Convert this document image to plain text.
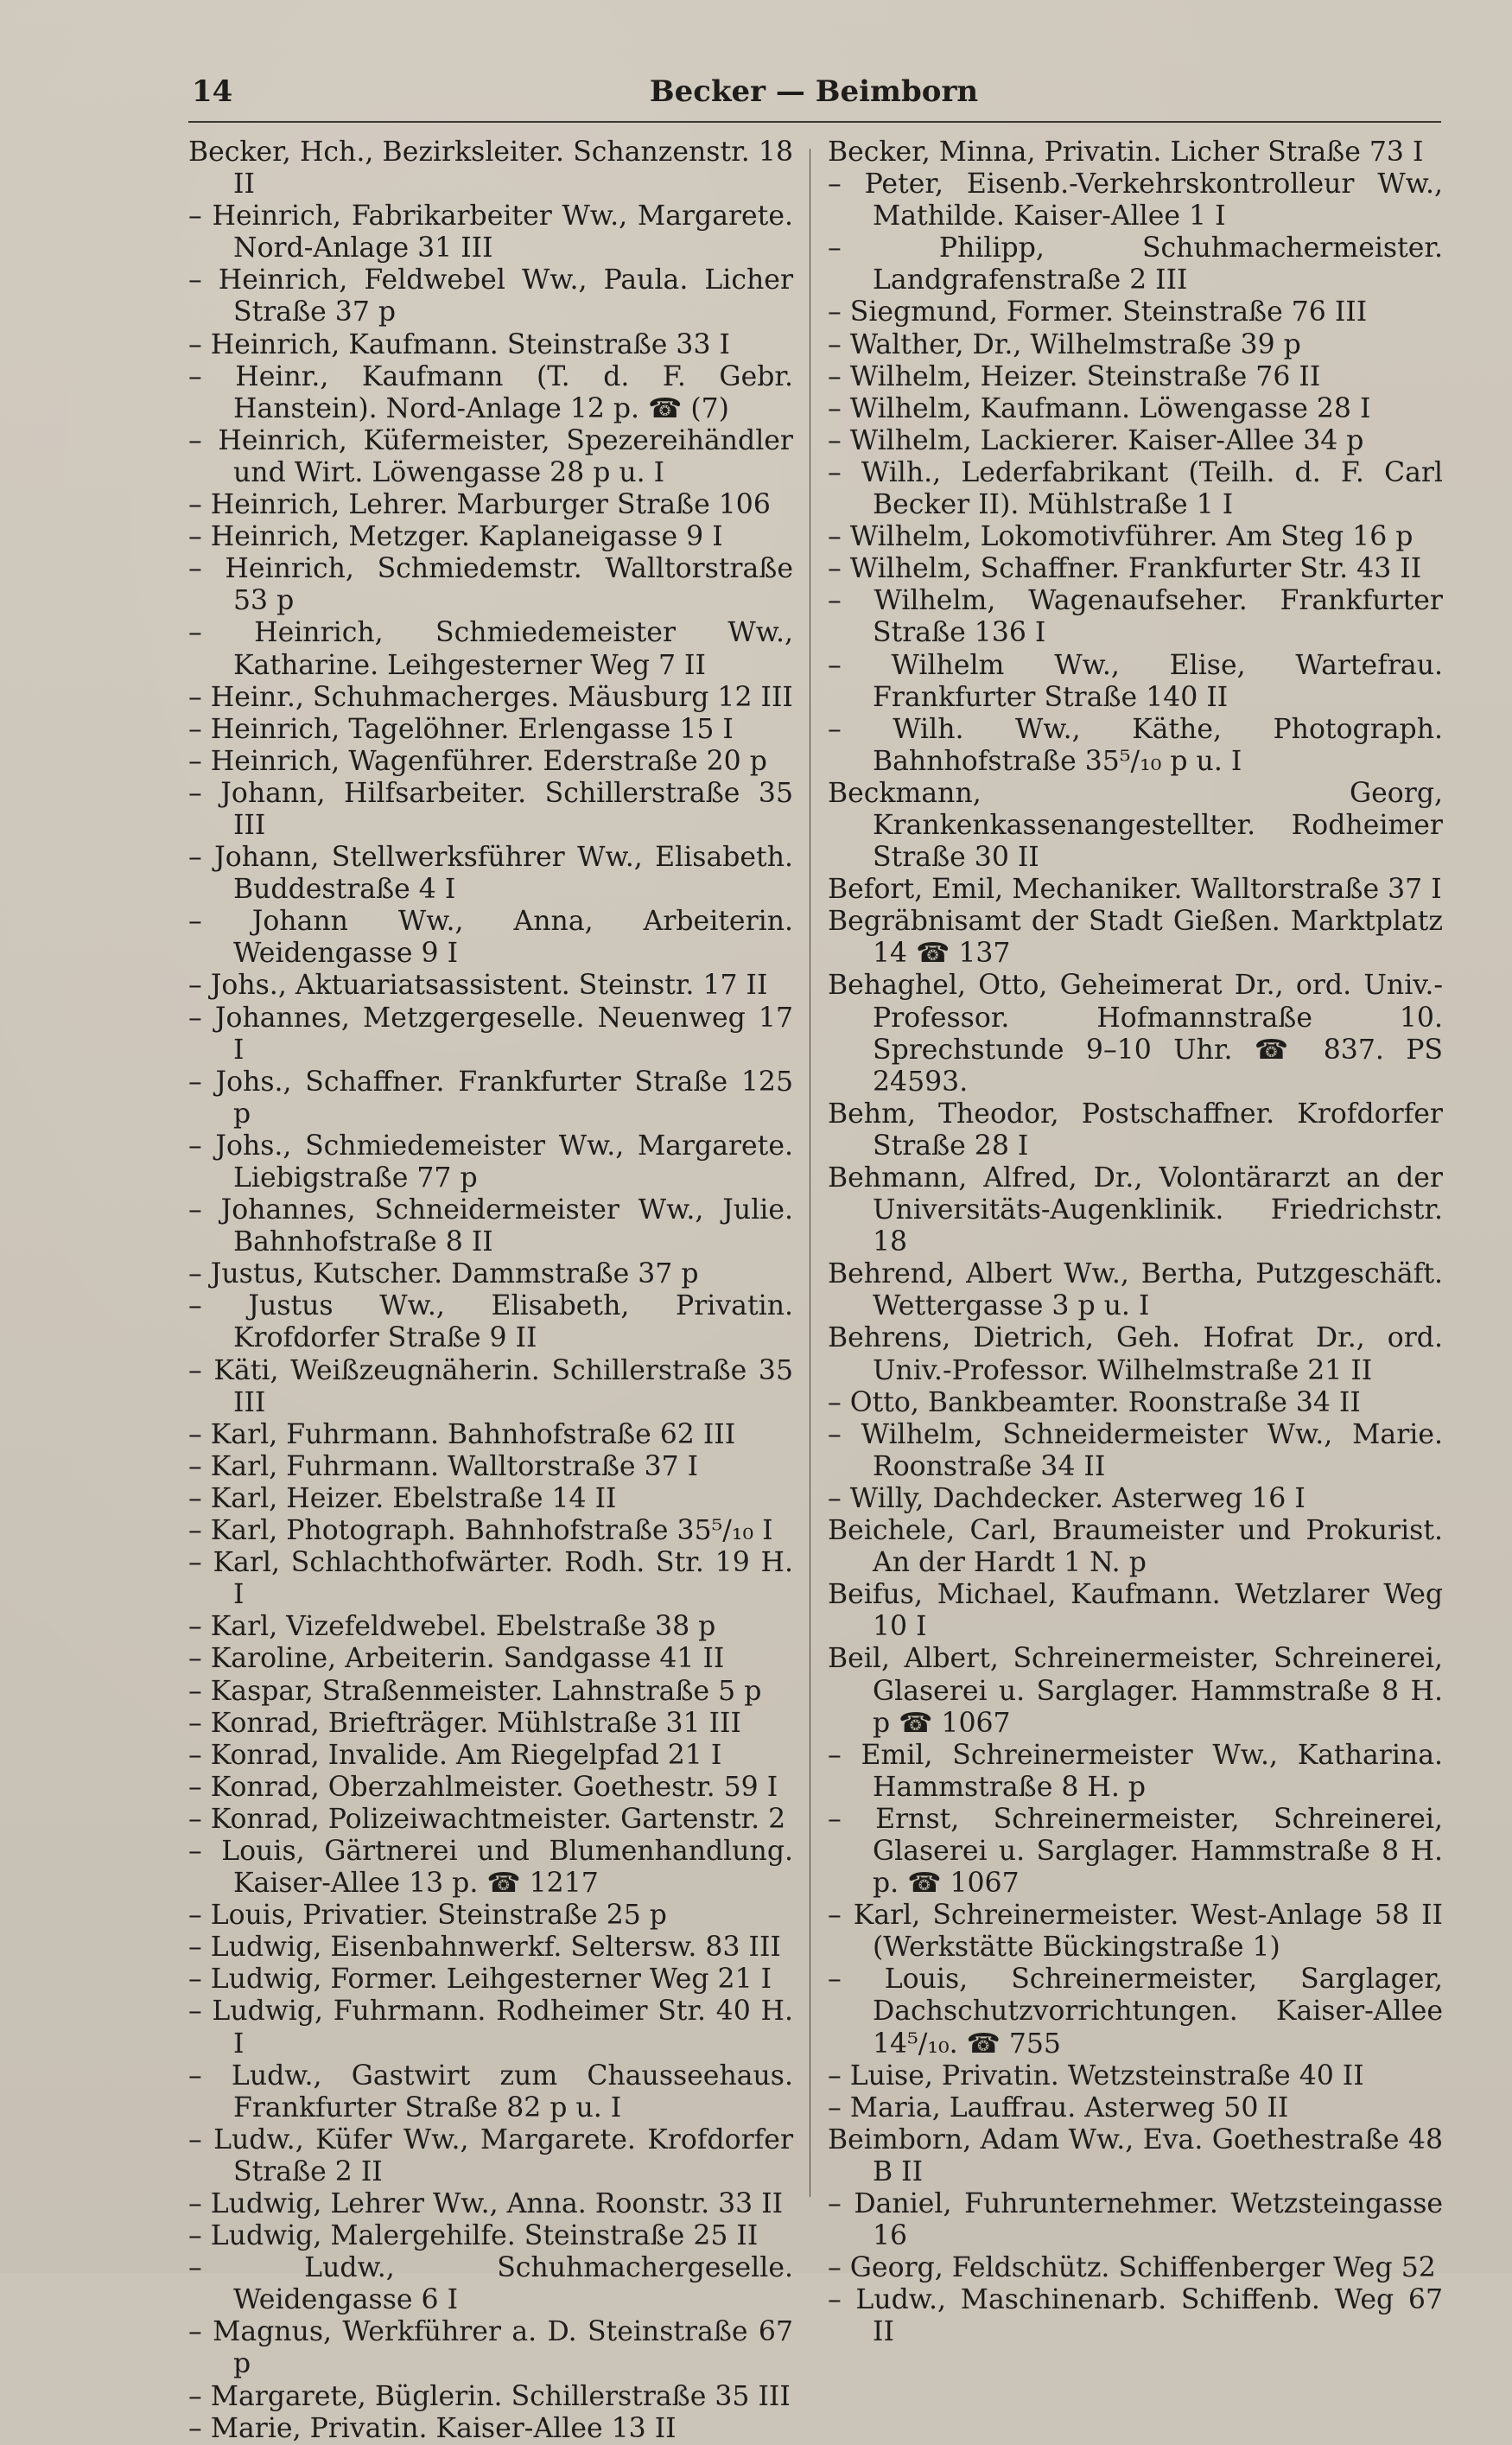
14	Becker — Beimborn
Becker, Hch., Bezirksleiter. Schanzenstr. 18 II
– Heinrich, Fabrikarbeiter Ww., Margarete. Nord-Anlage 31 III
– Heinrich, Feldwebel Ww., Paula. Licher Straße 37 p
– Heinrich, Kaufmann. Steinstraße 33 I
– Heinr., Kaufmann (T. d. F. Gebr. Hanstein). Nord-Anlage 12 p. ☎ (7)
– Heinrich, Küfermeister, Spezereihändler und Wirt. Löwengasse 28 p u. I
– Heinrich, Lehrer. Marburger Straße 106
– Heinrich, Metzger. Kaplaneigasse 9 I
– Heinrich, Schmiedemstr. Walltorstraße 53 p
– Heinrich, Schmiedemeister Ww., Katharine. Leihgesterner Weg 7 II
– Heinr., Schuhmacherges. Mäusburg 12 III
– Heinrich, Tagelöhner. Erlengasse 15 I
– Heinrich, Wagenführer. Ederstraße 20 p
– Johann, Hilfsarbeiter. Schillerstraße 35 III
– Johann, Stellwerksführer Ww., Elisabeth. Buddestraße 4 I
– Johann Ww., Anna, Arbeiterin. Weidengasse 9 I
– Johs., Aktuariatsassistent. Steinstr. 17 II
– Johannes, Metzgergeselle. Neuenweg 17 I
– Johs., Schaffner. Frankfurter Straße 125 p
– Johs., Schmiedemeister Ww., Margarete. Liebigstraße 77 p
– Johannes, Schneidermeister Ww., Julie. Bahnhofstraße 8 II
– Justus, Kutscher. Dammstraße 37 p
– Justus Ww., Elisabeth, Privatin. Krofdorfer Straße 9 II
– Käti, Weißzeugnäherin. Schillerstraße 35 III
– Karl, Fuhrmann. Bahnhofstraße 62 III
– Karl, Fuhrmann. Walltorstraße 37 I
– Karl, Heizer. Ebelstraße 14 II
– Karl, Photograph. Bahnhofstraße 35⁵/₁₀ I
– Karl, Schlachthofwärter. Rodh. Str. 19 H. I
– Karl, Vizefeldwebel. Ebelstraße 38 p
– Karoline, Arbeiterin. Sandgasse 41 II
– Kaspar, Straßenmeister. Lahnstraße 5 p
– Konrad, Briefträger. Mühlstraße 31 III
– Konrad, Invalide. Am Riegelpfad 21 I
– Konrad, Oberzahlmeister. Goethestr. 59 I
– Konrad, Polizeiwachtmeister. Gartenstr. 2
– Louis, Gärtnerei und Blumenhandlung. Kaiser-Allee 13 p. ☎ 1217
– Louis, Privatier. Steinstraße 25 p
– Ludwig, Eisenbahnwerkf. Seltersw. 83 III
– Ludwig, Former. Leihgesterner Weg 21 I
– Ludwig, Fuhrmann. Rodheimer Str. 40 H. I
– Ludw., Gastwirt zum Chausseehaus. Frankfurter Straße 82 p u. I
– Ludw., Küfer Ww., Margarete. Krofdorfer Straße 2 II
– Ludwig, Lehrer Ww., Anna. Roonstr. 33 II
– Ludwig, Malergehilfe. Steinstraße 25 II
– Ludw., Schuhmachergeselle. Weidengasse 6 I
– Magnus, Werkführer a. D. Steinstraße 67 p
– Margarete, Büglerin. Schillerstraße 35 III
– Marie, Privatin. Kaiser-Allee 13 II
Becker, Minna, Privatin. Licher Straße 73 I
– Peter, Eisenb.-Verkehrskontrolleur Ww., Mathilde. Kaiser-Allee 1 I
– Philipp, Schuhmachermeister. Landgrafenstraße 2 III
– Siegmund, Former. Steinstraße 76 III
– Walther, Dr., Wilhelmstraße 39 p
– Wilhelm, Heizer. Steinstraße 76 II
– Wilhelm, Kaufmann. Löwengasse 28 I
– Wilhelm, Lackierer. Kaiser-Allee 34 p
– Wilh., Lederfabrikant (Teilh. d. F. Carl Becker II). Mühlstraße 1 I
– Wilhelm, Lokomotivführer. Am Steg 16 p
– Wilhelm, Schaffner. Frankfurter Str. 43 II
– Wilhelm, Wagenaufseher. Frankfurter Straße 136 I
– Wilhelm Ww., Elise, Wartefrau. Frankfurter Straße 140 II
– Wilh. Ww., Käthe, Photograph. Bahnhofstraße 35⁵/₁₀ p u. I
Beckmann, Georg, Krankenkassenangestellter. Rodheimer Straße 30 II
Befort, Emil, Mechaniker. Walltorstraße 37 I
Begräbnisamt der Stadt Gießen. Marktplatz 14 ☎ 137
Behaghel, Otto, Geheimerat Dr., ord. Univ.-Professor. Hofmannstraße 10. Sprechstunde 9–10 Uhr. ☎ 837. PS 24593.
Behm, Theodor, Postschaffner. Krofdorfer Straße 28 I
Behmann, Alfred, Dr., Volontärarzt an der Universitäts-Augenklinik. Friedrichstr. 18
Behrend, Albert Ww., Bertha, Putzgeschäft. Wettergasse 3 p u. I
Behrens, Dietrich, Geh. Hofrat Dr., ord. Univ.-Professor. Wilhelmstraße 21 II
– Otto, Bankbeamter. Roonstraße 34 II
– Wilhelm, Schneidermeister Ww., Marie. Roonstraße 34 II
– Willy, Dachdecker. Asterweg 16 I
Beichele, Carl, Braumeister und Prokurist. An der Hardt 1 N. p
Beifus, Michael, Kaufmann. Wetzlarer Weg 10 I
Beil, Albert, Schreinermeister, Schreinerei, Glaserei u. Sarglager. Hammstraße 8 H. p ☎ 1067
– Emil, Schreinermeister Ww., Katharina. Hammstraße 8 H. p
– Ernst, Schreinermeister, Schreinerei, Glaserei u. Sarglager. Hammstraße 8 H. p. ☎ 1067
– Karl, Schreinermeister. West-Anlage 58 II (Werkstätte Bückingstraße 1)
– Louis, Schreinermeister, Sarglager, Dachschutzvorrichtungen. Kaiser-Allee 14⁵/₁₀. ☎ 755
– Luise, Privatin. Wetzsteinstraße 40 II
– Maria, Lauffrau. Asterweg 50 II
Beimborn, Adam Ww., Eva. Goethestraße 48 B II
– Daniel, Fuhrunternehmer. Wetzsteingasse 16
– Georg, Feldschütz. Schiffenberger Weg 52
– Ludw., Maschinenarb. Schiffenb. Weg 67 II
